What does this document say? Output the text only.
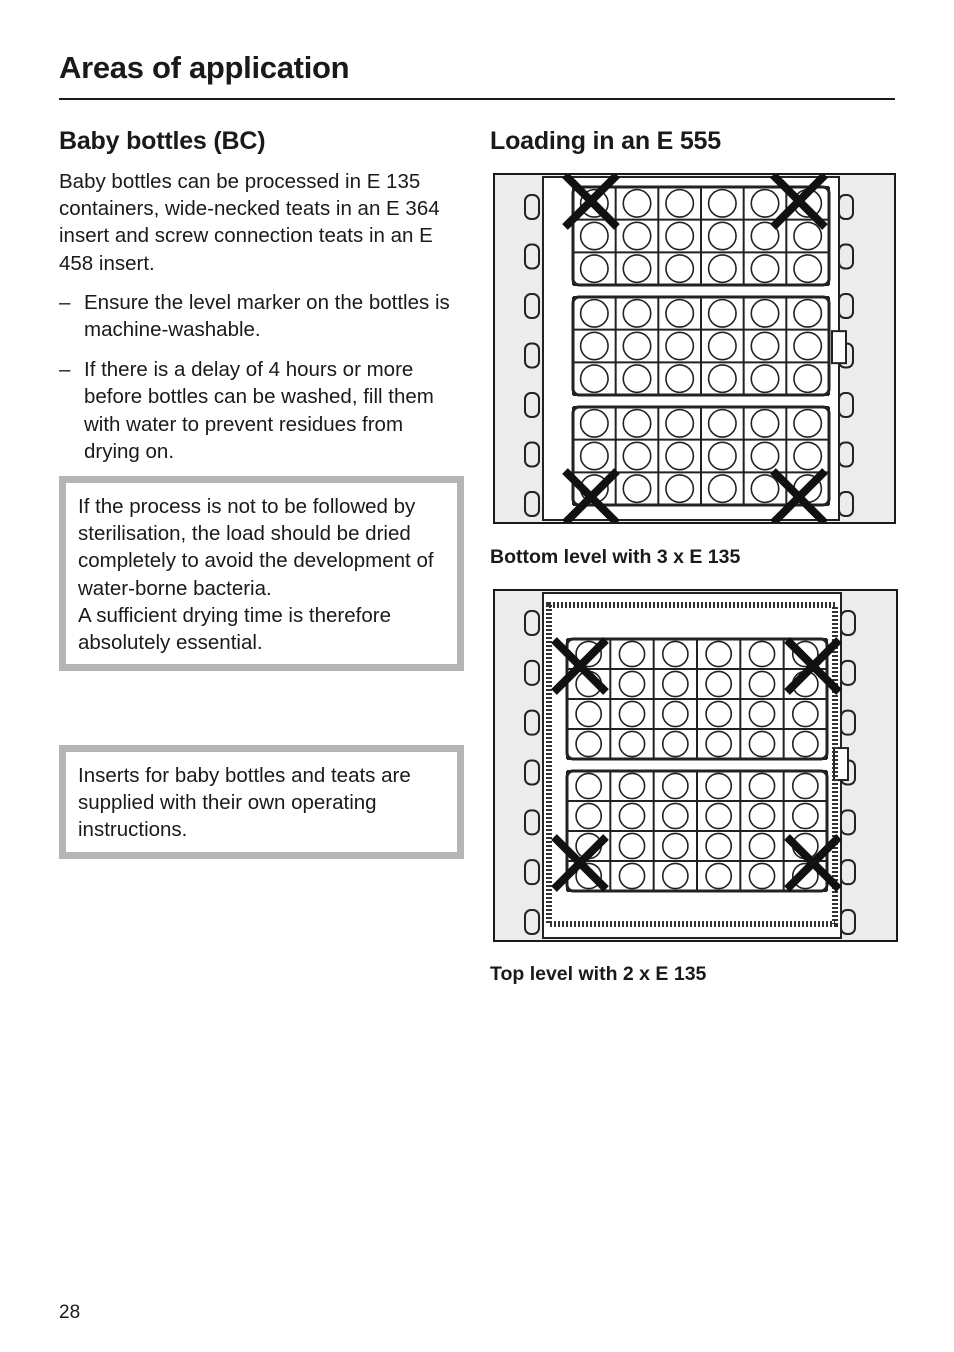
Areas of application
Baby bottles (BC)

Baby bottles can be processed in E 135 containers, wide-necked teats in an E 364 insert and screw connection teats in an E 458 insert.

– Ensure the level marker on the bottles is machine-washable.
– If there is a delay of 4 hours or more before bottles can be washed, fill them with water to prevent residues from drying on.

If the process is not to be followed by sterilisation, the load should be dried completely to avoid the development of water-borne bacteria.

A sufficient drying time is therefore absolutely essential.

Inserts for baby bottles and teats are supplied with their own operating instructions.

Loading in an E 555
Bottom level with 3 x E 135
Top level with 2 x E 135
28
